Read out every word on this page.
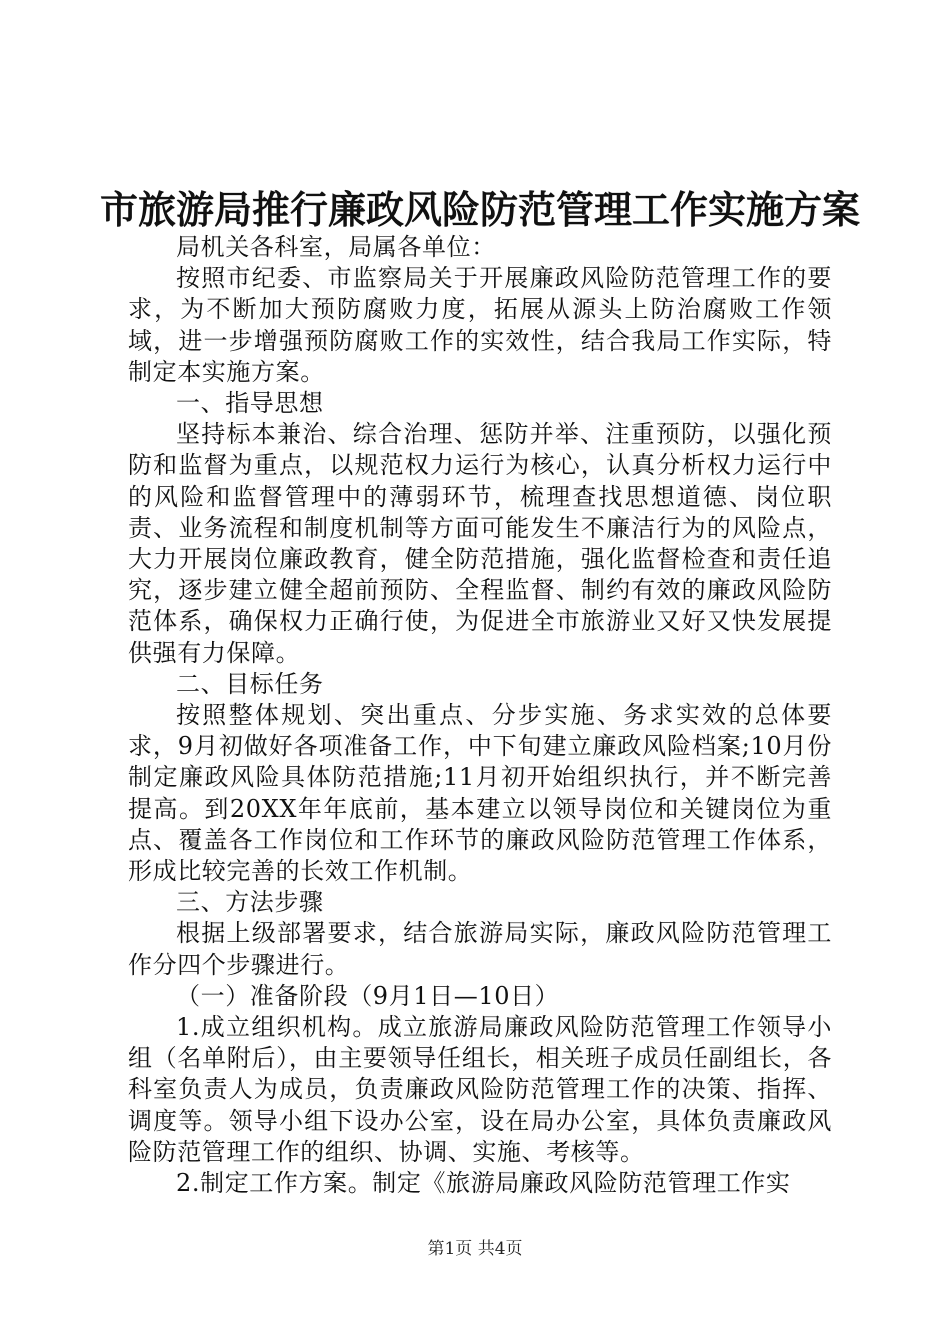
市旅游局推行廉政风险防范管理工作实施方案

局机关各科室，局属各单位：

按照市纪委、市监察局关于开展廉政风险防范管理工作的要求，为不断加大预防腐败力度，拓展从源头上防治腐败工作领域，进一步增强预防腐败工作的实效性，结合我局工作实际，特制定本实施方案。

一、指导思想

坚持标本兼治、综合治理、惩防并举、注重预防，以强化预防和监督为重点，以规范权力运行为核心，认真分析权力运行中的风险和监督管理中的薄弱环节，梳理查找思想道德、岗位职责、业务流程和制度机制等方面可能发生不廉洁行为的风险点，大力开展岗位廉政教育，健全防范措施，强化监督检查和责任追究，逐步建立健全超前预防、全程监督、制约有效的廉政风险防范体系，确保权力正确行使，为促进全市旅游业又好又快发展提供强有力保障。

二、目标任务

按照整体规划、突出重点、分步实施、务求实效的总体要求，9月初做好各项准备工作，中下旬建立廉政风险档案;10月份制定廉政风险具体防范措施;11月初开始组织执行，并不断完善提高。到20XX年年底前，基本建立以领导岗位和关键岗位为重点、覆盖各工作岗位和工作环节的廉政风险防范管理工作体系，形成比较完善的长效工作机制。

三、方法步骤

根据上级部署要求，结合旅游局实际，廉政风险防范管理工作分四个步骤进行。

（一）准备阶段（9月1日—10日）

1.成立组织机构。成立旅游局廉政风险防范管理工作领导小组（名单附后），由主要领导任组长，相关班子成员任副组长，各科室负责人为成员，负责廉政风险防范管理工作的决策、指挥、调度等。领导小组下设办公室，设在局办公室，具体负责廉政风险防范管理工作的组织、协调、实施、考核等。

2.制定工作方案。制定《旅游局廉政风险防范管理工作实

第1页 共4页
